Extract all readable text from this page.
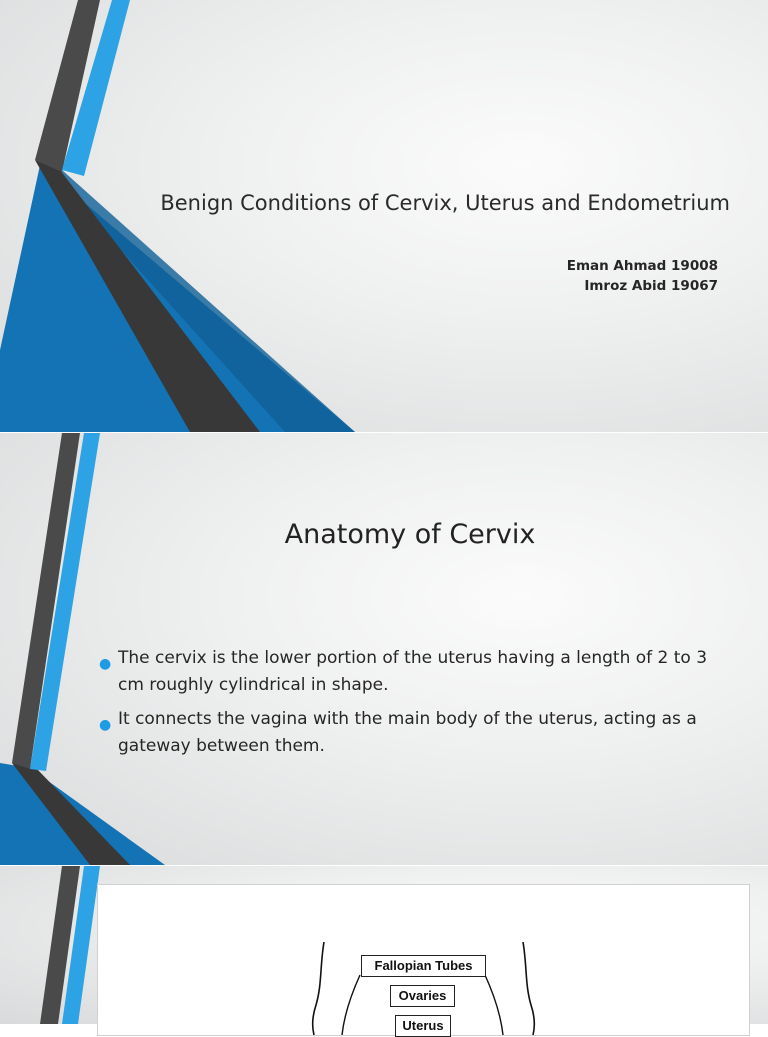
Benign Conditions of Cervix, Uterus and Endometrium
Eman Ahmad 19008
Imroz Abid 19067
Anatomy of Cervix
● The cervix is the lower portion of the uterus having a length of 2 to 3 cm roughly cylindrical in shape.
● It connects the vagina with the main body of the uterus, acting as a gateway between them.
Fallopian Tubes
Ovaries
Uterus
